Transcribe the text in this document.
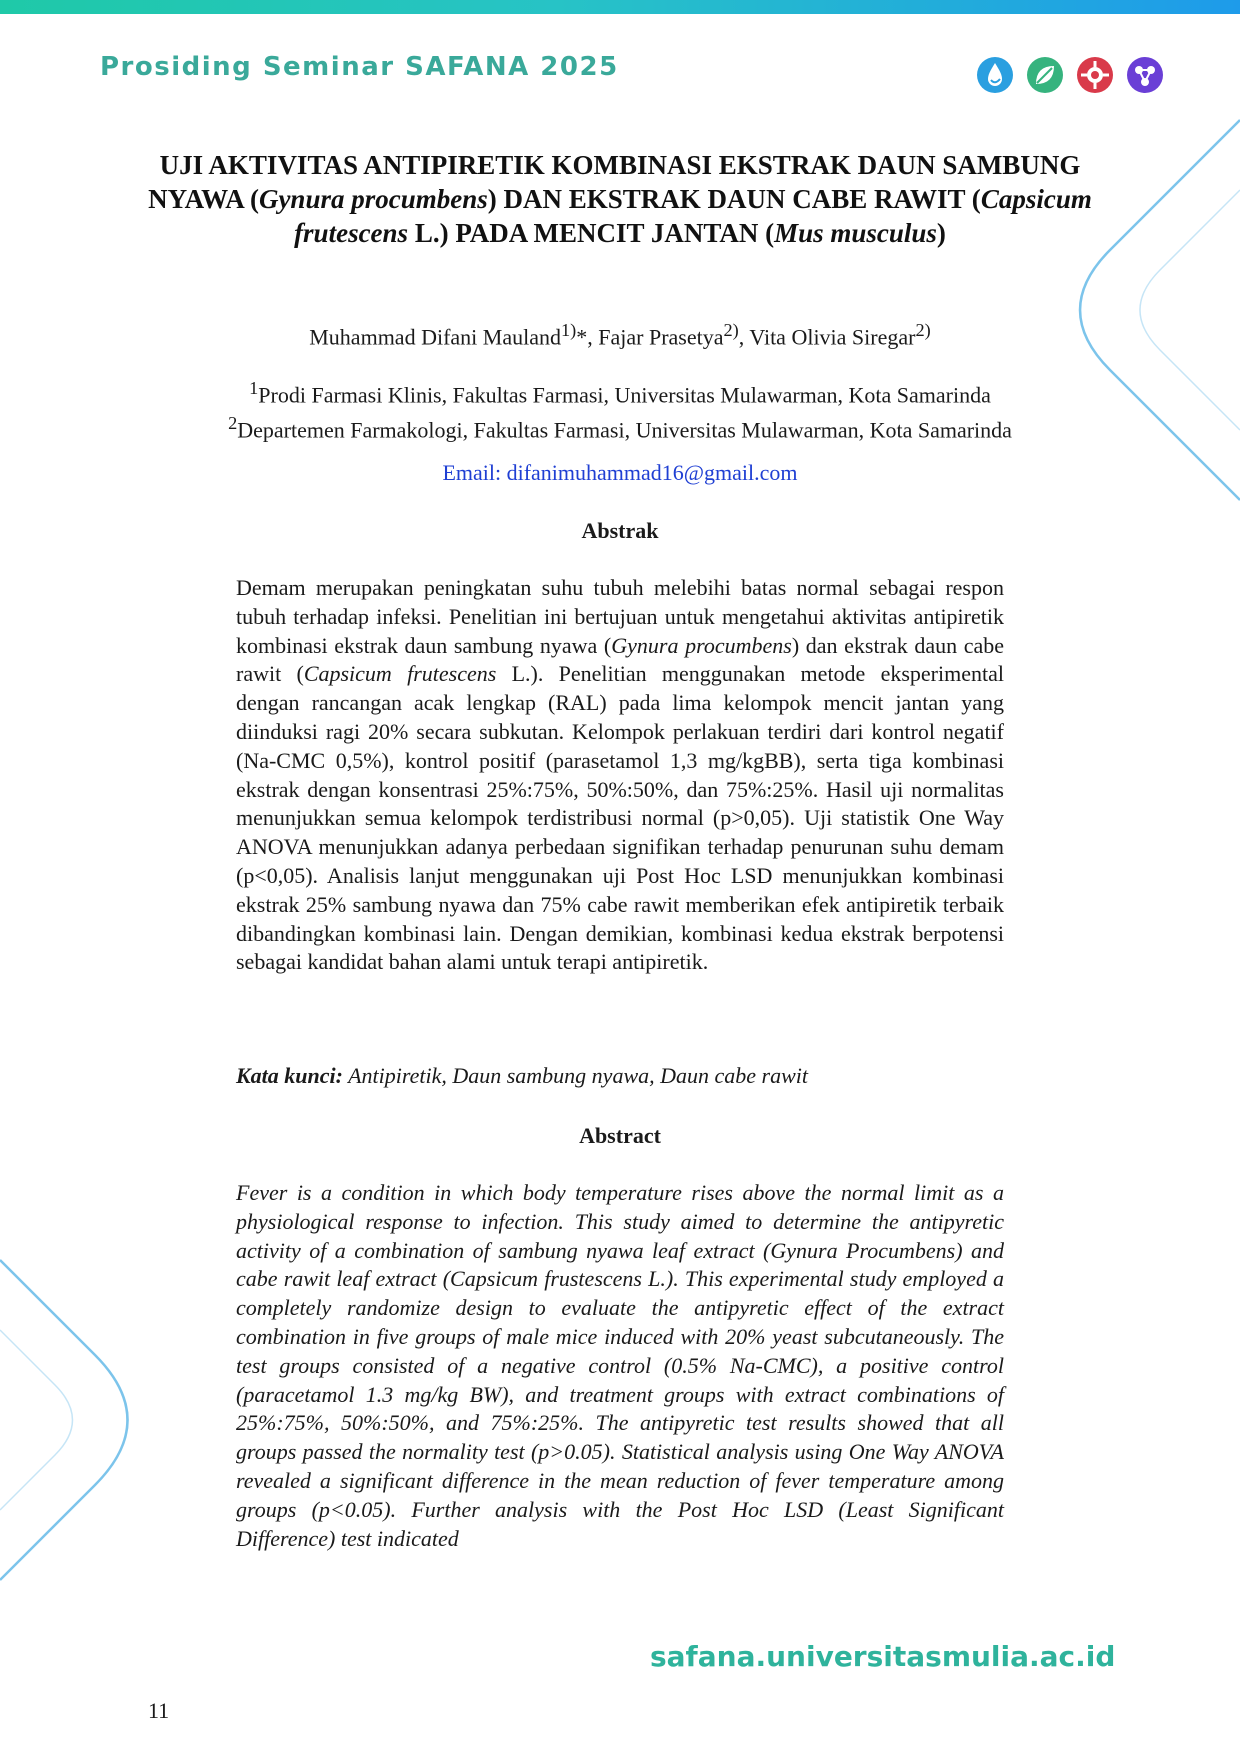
Prosiding Seminar SAFANA 2025
UJI AKTIVITAS ANTIPIRETIK KOMBINASI EKSTRAK DAUN SAMBUNG NYAWA (Gynura procumbens) DAN EKSTRAK DAUN CABE RAWIT (Capsicum frutescens L.) PADA MENCIT JANTAN (Mus musculus)
Muhammad Difani Mauland$^{1)}$*, Fajar Prasetya$^{2)}$, Vita Olivia Siregar$^{2)}$
$^1$Prodi Farmasi Klinis, Fakultas Farmasi, Universitas Mulawarman, Kota Samarinda
$^2$Departemen Farmakologi, Fakultas Farmasi, Universitas Mulawarman, Kota Samarinda
Email: difanimuhammad16@gmail.com
Abstrak

Demam merupakan peningkatan suhu tubuh melebihi batas normal sebagai respon tubuh terhadap infeksi. Penelitian ini bertujuan untuk mengetahui aktivitas antipiretik kombinasi ekstrak daun sambung nyawa (Gynura procumbens) dan ekstrak daun cabe rawit (Capsicum frutescens L.). Penelitian menggunakan metode eksperimental dengan rancangan acak lengkap (RAL) pada lima kelompok mencit jantan yang diinduksi ragi 20% secara subkutan. Kelompok perlakuan terdiri dari kontrol negatif (Na-CMC 0,5%), kontrol positif (parasetamol 1,3 mg/kgBB), serta tiga kombinasi ekstrak dengan konsentrasi 25%:75%, 50%:50%, dan 75%:25%. Hasil uji normalitas menunjukkan semua kelompok terdistribusi normal (p>0,05). Uji statistik One Way ANOVA menunjukkan adanya perbedaan signifikan terhadap penurunan suhu demam (p<0,05). Analisis lanjut menggunakan uji Post Hoc LSD menunjukkan kombinasi ekstrak 25% sambung nyawa dan 75% cabe rawit memberikan efek antipiretik terbaik dibandingkan kombinasi lain. Dengan demikian, kombinasi kedua ekstrak berpotensi sebagai kandidat bahan alami untuk terapi antipiretik.

Kata kunci: Antipiretik, Daun sambung nyawa, Daun cabe rawit
Abstract

Fever is a condition in which body temperature rises above the normal limit as a physiological response to infection. This study aimed to determine the antipyretic activity of a combination of sambung nyawa leaf extract (Gynura Procumbens) and cabe rawit leaf extract (Capsicum frustescens L.). This experimental study employed a completely randomize design to evaluate the antipyretic effect of the extract combination in five groups of male mice induced with 20% yeast subcutaneously. The test groups consisted of a negative control (0.5% Na-CMC), a positive control (paracetamol 1.3 mg/kg BW), and treatment groups with extract combinations of 25%:75%, 50%:50%, and 75%:25%. The antipyretic test results showed that all groups passed the normality test (p>0.05). Statistical analysis using One Way ANOVA revealed a significant difference in the mean reduction of fever temperature among groups (p<0.05). Further analysis with the Post Hoc LSD (Least Significant Difference) test indicated

safana.universitasmulia.ac.id
11
